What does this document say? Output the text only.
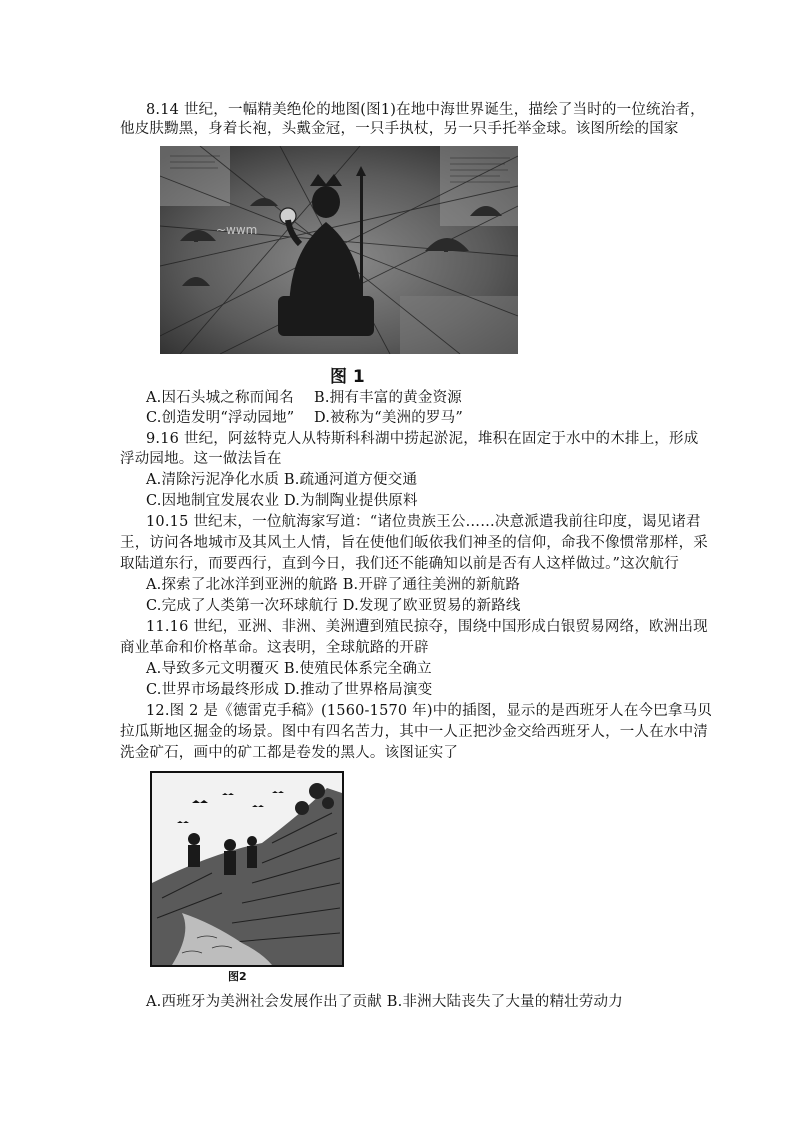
8.14 世纪，一幅精美绝伦的地图(图1)在地中海世界诞生，描绘了当时的一位统治者，
他皮肤黝黑，身着长袍，头戴金冠，一只手执杖，另一只手托举金球。该图所绘的国家
~wwm
图 1
A.因石头城之称而闻名 B.拥有丰富的黄金资源
C.创造发明“浮动园地” D.被称为“美洲的罗马”
9.16 世纪，阿兹特克人从特斯科科湖中捞起淤泥，堆积在固定于水中的木排上，形成
浮动园地。这一做法旨在
A.清除污泥净化水质 B.疏通河道方便交通
C.因地制宜发展农业 D.为制陶业提供原料
10.15 世纪末，一位航海家写道：“诸位贵族王公……决意派遣我前往印度，谒见诸君
王，访问各地城市及其风土人情，旨在使他们皈依我们神圣的信仰，命我不像惯常那样，采
取陆道东行，而要西行，直到今日，我们还不能确知以前是否有人这样做过。”这次航行
A.探索了北冰洋到亚洲的航路 B.开辟了通往美洲的新航路
C.完成了人类第一次环球航行 D.发现了欧亚贸易的新路线
11.16 世纪，亚洲、非洲、美洲遭到殖民掠夺，围绕中国形成白银贸易网络，欧洲出现
商业革命和价格革命。这表明，全球航路的开辟
A.导致多元文明覆灭 B.使殖民体系完全确立
C.世界市场最终形成 D.推动了世界格局演变
12.图 2 是《德雷克手稿》(1560-1570 年)中的插图，显示的是西班牙人在今巴拿马贝
拉瓜斯地区掘金的场景。图中有四名苦力，其中一人正把沙金交给西班牙人，一人在水中清
洗金矿石，画中的矿工都是卷发的黑人。该图证实了
图2
A.西班牙为美洲社会发展作出了贡献 B.非洲大陆丧失了大量的精壮劳动力
